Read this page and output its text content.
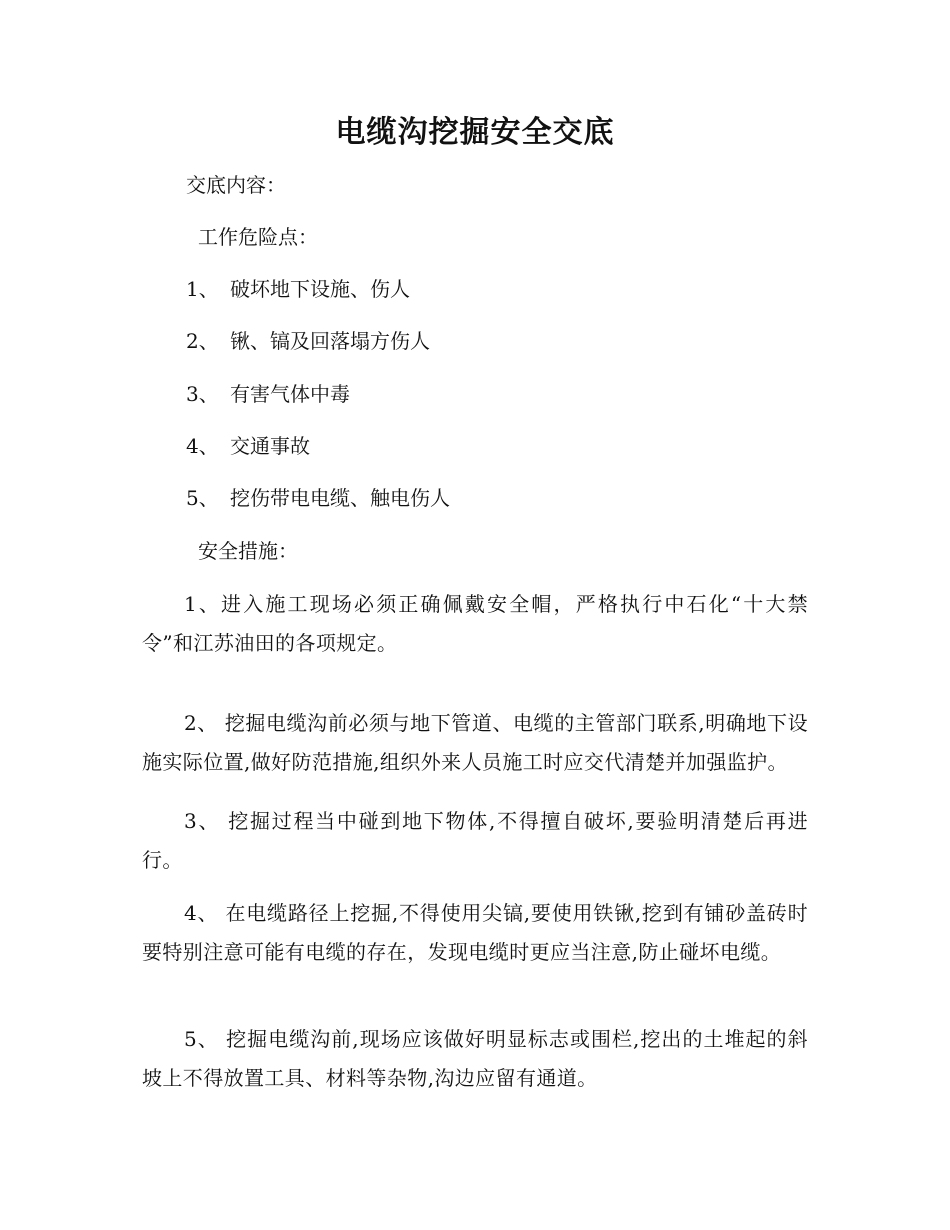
电缆沟挖掘安全交底
交底内容：
工作危险点：
1、 破坏地下设施、伤人
2、 锹、镐及回落塌方伤人
3、 有害气体中毒
4、 交通事故
5、 挖伤带电电缆、触电伤人
安全措施：

1、进入施工现场必须正确佩戴安全帽，严格执行中石化“十大禁令”和江苏油田的各项规定。

2、 挖掘电缆沟前必须与地下管道、电缆的主管部门联系,明确地下设施实际位置,做好防范措施,组织外来人员施工时应交代清楚并加强监护。

3、 挖掘过程当中碰到地下物体,不得擅自破坏,要验明清楚后再进行。

4、 在电缆路径上挖掘,不得使用尖镐,要使用铁锹,挖到有铺砂盖砖时要特别注意可能有电缆的存在，发现电缆时更应当注意,防止碰坏电缆。

5、 挖掘电缆沟前,现场应该做好明显标志或围栏,挖出的土堆起的斜坡上不得放置工具、材料等杂物,沟边应留有通道。
